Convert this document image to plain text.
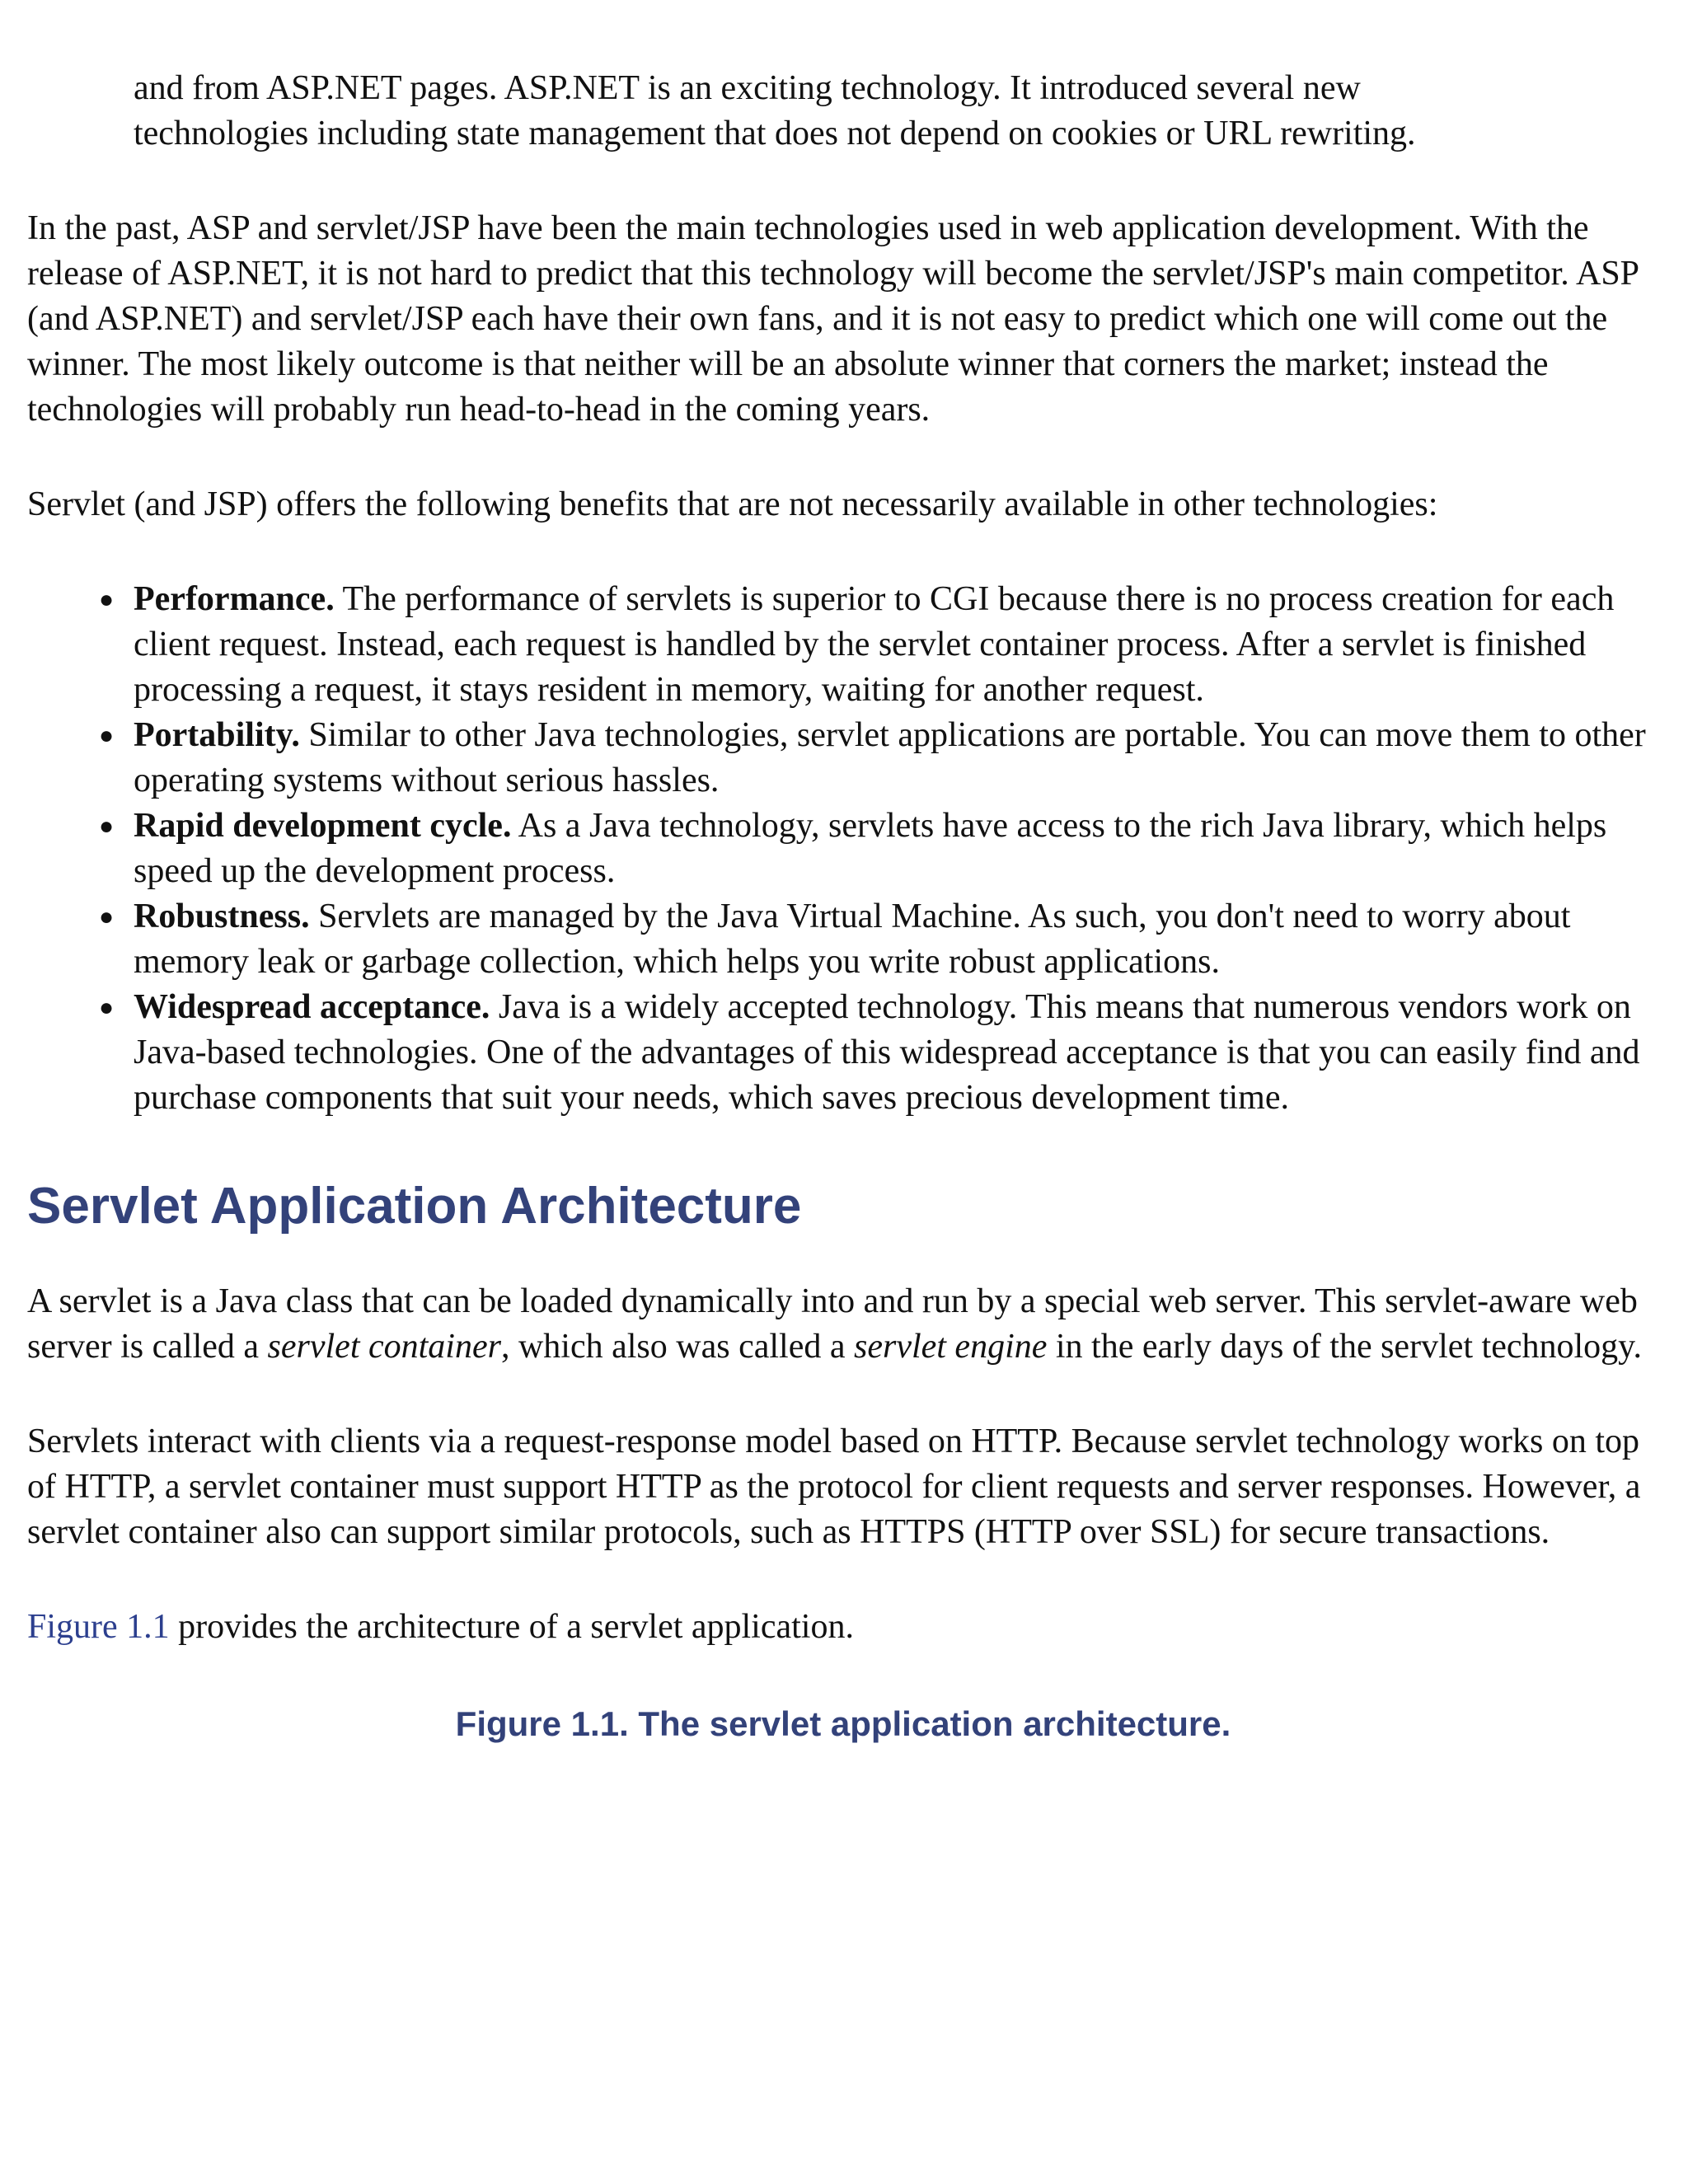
and from ASP.NET pages. ASP.NET is an exciting technology. It introduced several new
technologies including state management that does not depend on cookies or URL rewriting.

In the past, ASP and servlet/JSP have been the main technologies used in web application development. With the release of ASP.NET, it is not hard to predict that this technology will become the servlet/JSP's main competitor. ASP (and ASP.NET) and servlet/JSP each have their own fans, and it is not easy to predict which one will come out the winner. The most likely outcome is that neither will be an absolute winner that corners the market; instead the technologies will probably run head-to-head in the coming years.

Servlet (and JSP) offers the following benefits that are not necessarily available in other technologies:

● Performance. The performance of servlets is superior to CGI because there is no process creation for each client request. Instead, each request is handled by the servlet container process. After a servlet is finished processing a request, it stays resident in memory, waiting for another request.
● Portability. Similar to other Java technologies, servlet applications are portable. You can move them to other operating systems without serious hassles.
● Rapid development cycle. As a Java technology, servlets have access to the rich Java library, which helps speed up the development process.
● Robustness. Servlets are managed by the Java Virtual Machine. As such, you don't need to worry about memory leak or garbage collection, which helps you write robust applications.
● Widespread acceptance. Java is a widely accepted technology. This means that numerous vendors work on Java-based technologies. One of the advantages of this widespread acceptance is that you can easily find and purchase components that suit your needs, which saves precious development time.
Servlet Application Architecture

A servlet is a Java class that can be loaded dynamically into and run by a special web server. This servlet-aware web server is called a servlet container, which also was called a servlet engine in the early days of the servlet technology.

Servlets interact with clients via a request-response model based on HTTP. Because servlet technology works on top of HTTP, a servlet container must support HTTP as the protocol for client requests and server responses. However, a servlet container also can support similar protocols, such as HTTPS (HTTP over SSL) for secure transactions.

Figure 1.1 provides the architecture of a servlet application.

Figure 1.1. The servlet application architecture.
